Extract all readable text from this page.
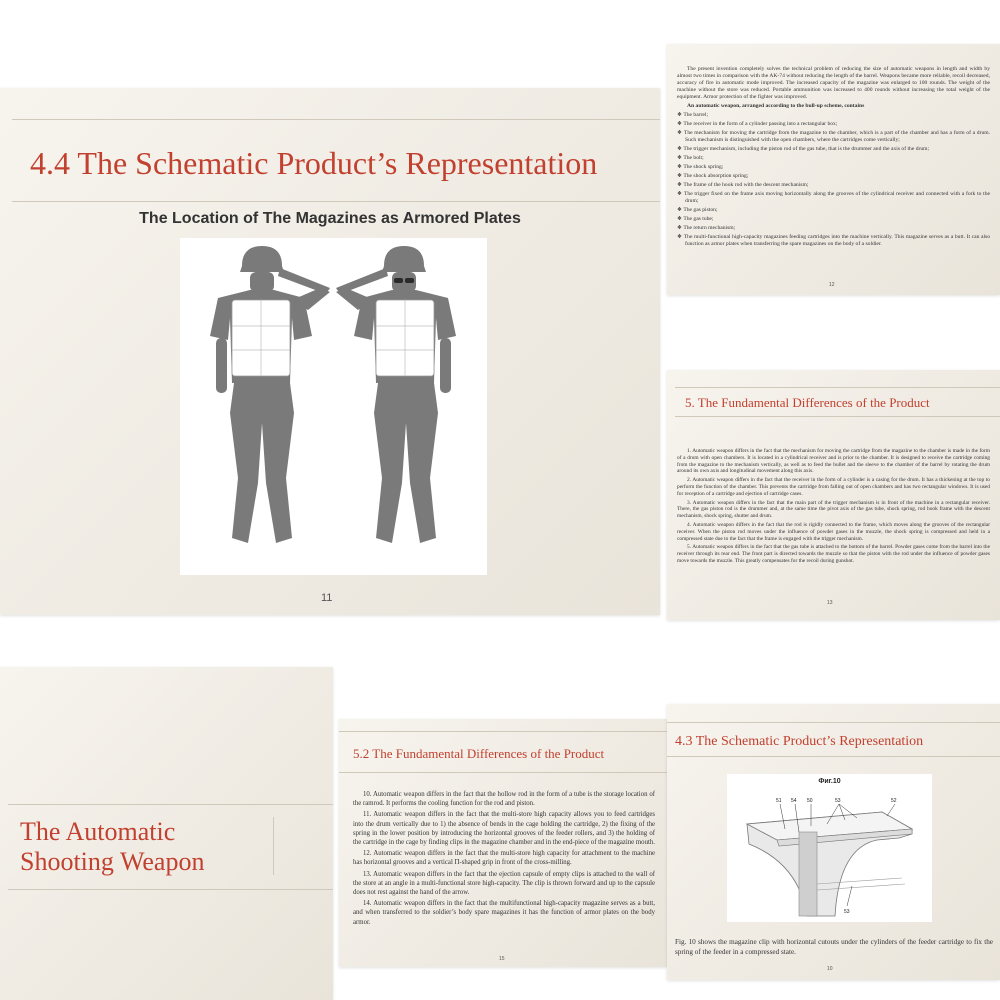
4.4 The Schematic Product’s Representation
The Location of The Magazines as Armored Plates
11

The present invention completely solves the technical problem of reducing the size of automatic weapons in length and width by almost two times in comparison with the AK-74 without reducing the length of the barrel. Weapons became more reliable, recoil decreased, accuracy of fire in automatic mode improved. The increased capacity of the magazine was enlarged to 100 rounds. The weight of the machine without the store was reduced. Portable ammunition was increased to 400 rounds without increasing the total weight of the equipment. Armor protection of the fighter was improved.

An automatic weapon, arranged according to the bull-up scheme, contains

❖ The barrel;

❖ The receiver in the form of a cylinder passing into a rectangular box;

❖ The mechanism for moving the cartridge from the magazine to the chamber, which is a part of the chamber and has a form of a drum. Such mechanism is distinguished with the open chambers, where the cartridges come vertically;

❖ The trigger mechanism, including the piston rod of the gas tube, that is the drummer and the axis of the drum;

❖ The bolt;

❖ The shock spring;

❖ The shock absorption spring;

❖ The frame of the hook rod with the descent mechanism;

❖ The trigger fixed on the frame axis moving horizontally along the grooves of the cylindrical receiver and connected with a fork to the drum;

❖ The gas piston;

❖ The gas tube;

❖ The return mechanism;

❖ The multi-functional high-capacity magazines feeding cartridges into the machine vertically. This magazine serves as a butt. It can also function as armor plates when transferring the spare magazines on the body of a soldier.

12
5. The Fundamental Differences of the Product

1. Automatic weapon differs in the fact that the mechanism for moving the cartridge from the magazine to the chamber is made in the form of a drum with open chambers. It is located in a cylindrical receiver and is prior to the chamber. It is designed to receive the cartridge coming from the magazine to the mechanism vertically, as well as to feed the bullet and the sleeve to the chamber of the barrel by rotating the drum around its own axis and longitudinal movement along this axis.

2. Automatic weapon differs in the fact that the receiver in the form of a cylinder is a casing for the drum. It has a thickening at the top to perform the function of the chamber. This prevents the cartridge from falling out of open chambers and has two rectangular windows. It is used for reception of a cartridge and ejection of cartridge cases.

3. Automatic weapon differs in the fact that the main part of the trigger mechanism is in front of the machine in a rectangular receiver. There, the gas piston rod is the drummer and, at the same time the pivot axis of the gas tube, shock spring, rod hook frame with the descent mechanism, shock spring, shutter and drum.

4. Automatic weapon differs in the fact that the rod is rigidly connected to the frame, which moves along the grooves of the rectangular receiver. When the piston rod moves under the influence of powder gases in the muzzle, the shock spring is compressed and held in a compressed state due to the fact that the frame is engaged with the trigger mechanism.

5. Automatic weapon differs in the fact that the gas tube is attached to the bottom of the barrel. Powder gases come from the barrel into the receiver through its rear end. The front part is directed towards the muzzle so that the piston with the rod under the influence of powder gases move towards the muzzle. This greatly compensates for the recoil during gunshot.

13
The Automatic
Shooting Weapon
5.2 The Fundamental Differences of the Product

10. Automatic weapon differs in the fact that the hollow rod in the form of a tube is the storage location of the ramrod. It performs the cooling function for the rod and piston.

11. Automatic weapon differs in the fact that the multi-store high capacity allows you to feed cartridges into the drum vertically due to 1) the absence of bends in the cage holding the cartridge, 2) the fixing of the spring in the lower position by introducing the horizontal grooves of the feeder rollers, and 3) the holding of the cartridge in the cage by finding clips in the magazine chamber and in the end-piece of the magazine mouth.

12. Automatic weapon differs in the fact that the multi-store high capacity for attachment to the machine has horizontal grooves and a vertical П-shaped grip in front of the cross-milling.

13. Automatic weapon differs in the fact that the ejection capsule of empty clips is attached to the wall of the store at an angle in a multi-functional store high-capacity. The clip is thrown forward and up to the capsule does not rest against the hand of the arrow.

14. Automatic weapon differs in the fact that the multifunctional high-capacity magazine serves as a butt, and when transferred to the soldier’s body spare magazines it has the function of armor plates on the body armor.

15
4.3 The Schematic Product’s Representation
Фиг.10
51 54 50	53	52
53
Fig. 10 shows the magazine clip with horizontal cutouts under the cylinders of the feeder cartridge to fix the spring of the feeder in a compressed state.
10
